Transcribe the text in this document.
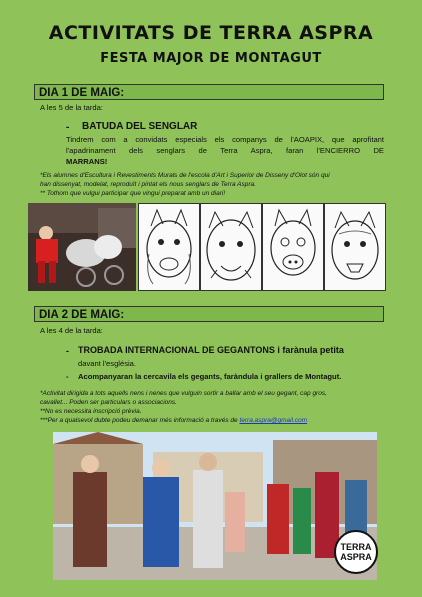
ACTIVITATS DE TERRA ASPRA
FESTA MAJOR DE MONTAGUT
DIA 1 DE MAIG:
A les 5 de la tarda:
- BATUDA DEL SENGLAR
Tindrem com a convidats especials els companys de l'AOAPIX, que aprofitant
l'apadrinament dels senglars de Terra Aspra, faran l'ENCIERRO DE
MARRANS!
*Els alumnes d'Escultura i Revestiments Murals de l'escola d'Art i Superior de Disseny d'Olot són qui
han dissenyat, modelat, reproduït i pintat els nous senglars de Terra Aspra.
** Tothom que vulgui participar que vingui preparat amb un diari!
DIA 2 DE MAIG:
A les 4 de la tarda:
- TROBADA INTERNACIONAL DE GEGANTONS i farànula petita
davant l'església.
- Acompanyaran la cercavila els gegants, faràndula i grallers de Montagut.
*Activitat dirigida a tots aquells nens i nenes que vulguin sortir a ballar amb el seu gegant, cap gros,
cavallet... Poden ser particulars o associacions.
**No es necessita inscripció prèvia.
***Per a qualsevol dubte podeu demanar més informació a través de terra.aspra@gmail.com
TERRA
ASPRA
